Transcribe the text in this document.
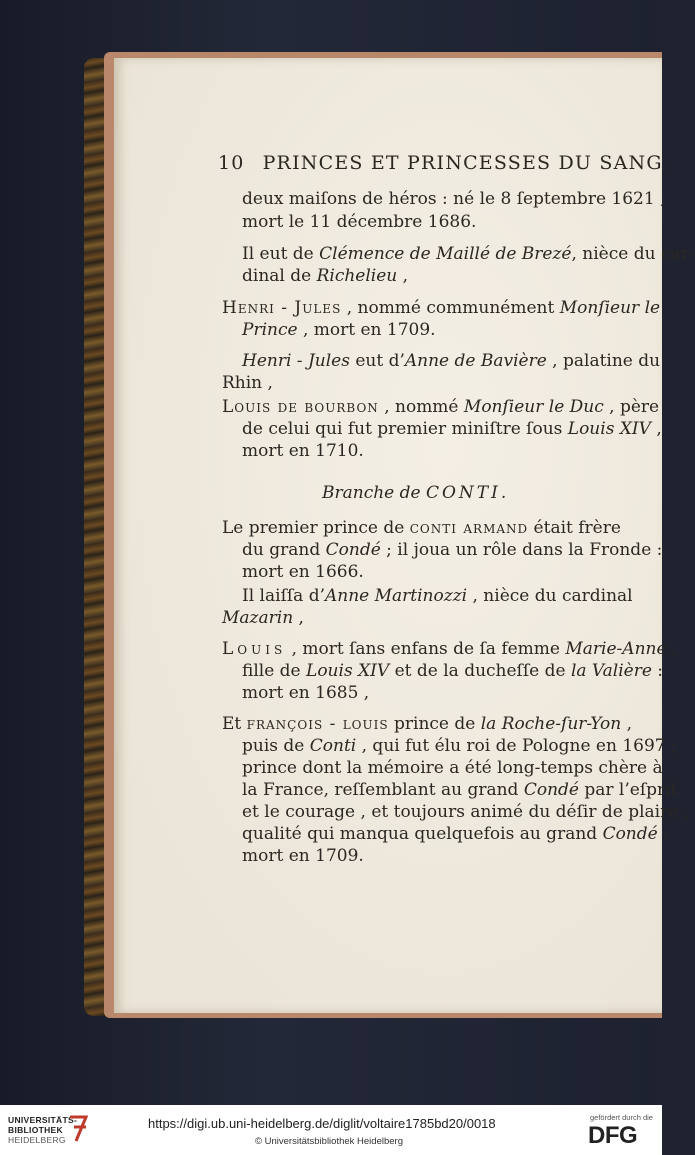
10 PRINCES ET PRINCESSES DU SANG.
deux maiſons de héros : né le 8 ſeptembre 1621 ,
mort le 11 décembre 1686.
Il eut de Clémence de Maillé de Brezé, nièce du car-
dinal de Richelieu ,
Henri - Jules , nommé communément Monſieur le
Prince , mort en 1709.
Henri - Jules eut d’Anne de Bavière , palatine du
Rhin ,
Louis de bourbon , nommé Monſieur le Duc , père
de celui qui fut premier miniſtre ſous Louis XIV ,
mort en 1710.
Branche de CONTI.
Le premier prince de conti armand était frère
du grand Condé ; il joua un rôle dans la Fronde :
mort en 1666.
Il laiſſa d’Anne Martinozzi , nièce du cardinal
Mazarin ,
Louis , mort ſans enfans de ſa femme Marie-Anne ,
fille de Louis XIV et de la ducheſſe de la Valière :
mort en 1685 ,
Et françois - louis prince de la Roche-ſur-Yon ,
puis de Conti , qui fut élu roi de Pologne en 1697 ;
prince dont la mémoire a été long-temps chère à
la France, reſſemblant au grand Condé par l’eſprit
et le courage , et toujours animé du déſir de plaire ,
qualité qui manqua quelquefois au grand Condé :
mort en 1709.
UNIVERSITÄTS-
BIBLIOTHEK
HEIDELBERG
https://digi.ub.uni-heidelberg.de/diglit/voltaire1785bd20/0018
© Universitätsbibliothek Heidelberg
gefördert durch die
DFG
